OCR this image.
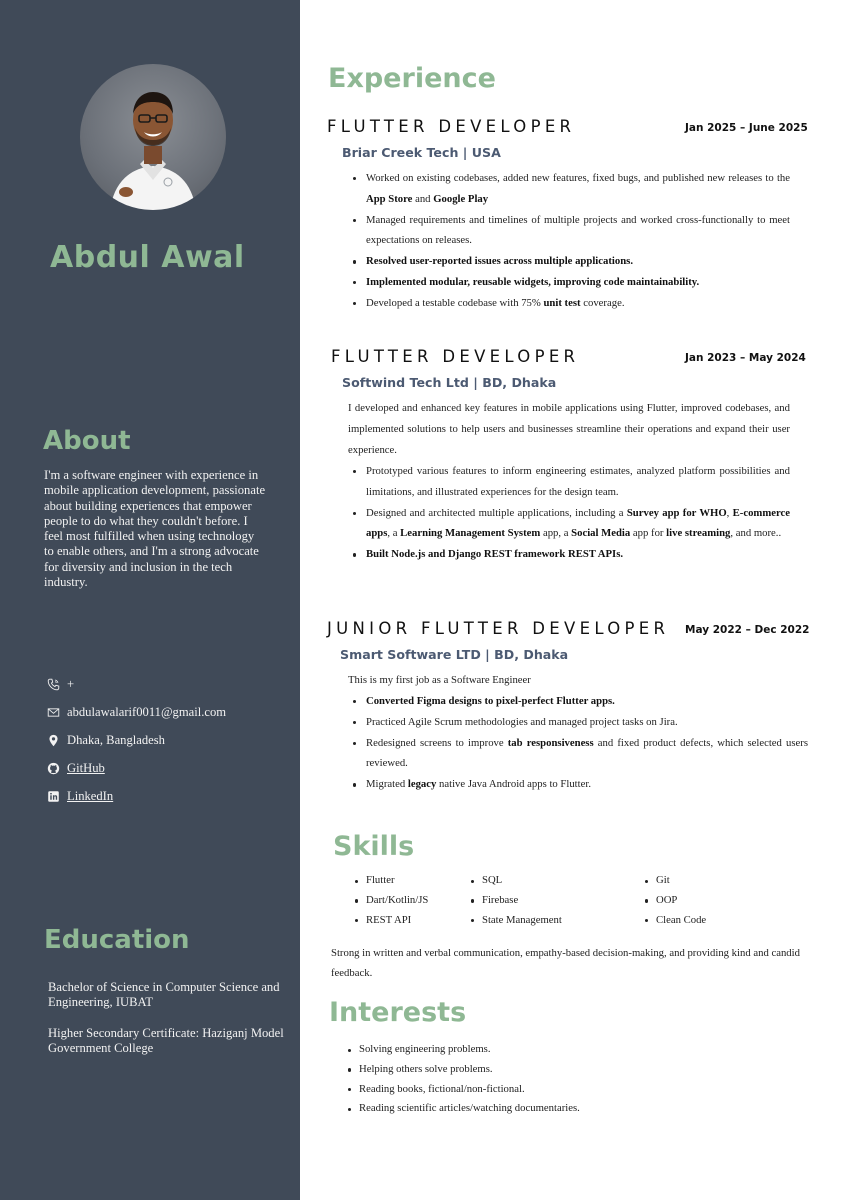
Abdul Awal
About
I'm a software engineer with experience in mobile application development, passionate about building experiences that empower people to do what they couldn't before. I feel most fulfilled when using technology to enable others, and I'm a strong advocate for diversity and inclusion in the tech industry.
+
abdulawalarif0011@gmail.com
Dhaka, Bangladesh
GitHub
LinkedIn
Education
Bachelor of Science in Computer Science and Engineering, IUBAT
Higher Secondary Certificate: Haziganj Model Government College
Experience
FLUTTER DEVELOPER	Jan 2025 – June 2025
Briar Creek Tech | USA
Worked on existing codebases, added new features, fixed bugs, and published new releases to the App Store and Google Play
Managed requirements and timelines of multiple projects and worked cross-functionally to meet expectations on releases.
Resolved user-reported issues across multiple applications.
Implemented modular, reusable widgets, improving code maintainability.
Developed a testable codebase with 75% unit test coverage.
FLUTTER DEVELOPER	Jan 2023 – May 2024
Softwind Tech Ltd | BD, Dhaka
I developed and enhanced key features in mobile applications using Flutter, improved codebases, and implemented solutions to help users and businesses streamline their operations and expand their user experience.
Prototyped various features to inform engineering estimates, analyzed platform possibilities and limitations, and illustrated experiences for the design team.
Designed and architected multiple applications, including a Survey app for WHO, E-commerce apps, a Learning Management System app, a Social Media app for live streaming, and more..
Built Node.js and Django REST framework REST APIs.
JUNIOR FLUTTER DEVELOPER May 2022 – Dec 2022
Smart Software LTD | BD, Dhaka
This is my first job as a Software Engineer
Converted Figma designs to pixel-perfect Flutter apps.
Practiced Agile Scrum methodologies and managed project tasks on Jira.
Redesigned screens to improve tab responsiveness and fixed product defects, which selected users reviewed.
Migrated legacy native Java Android apps to Flutter.
Skills
Flutter
Dart/Kotlin/JS
REST API
SQL
Firebase
State Management
Git
OOP
Clean Code
Strong in written and verbal communication, empathy-based decision-making, and providing kind and candid feedback.
Interests
Solving engineering problems.
Helping others solve problems.
Reading books, fictional/non-fictional.
Reading scientific articles/watching documentaries.
